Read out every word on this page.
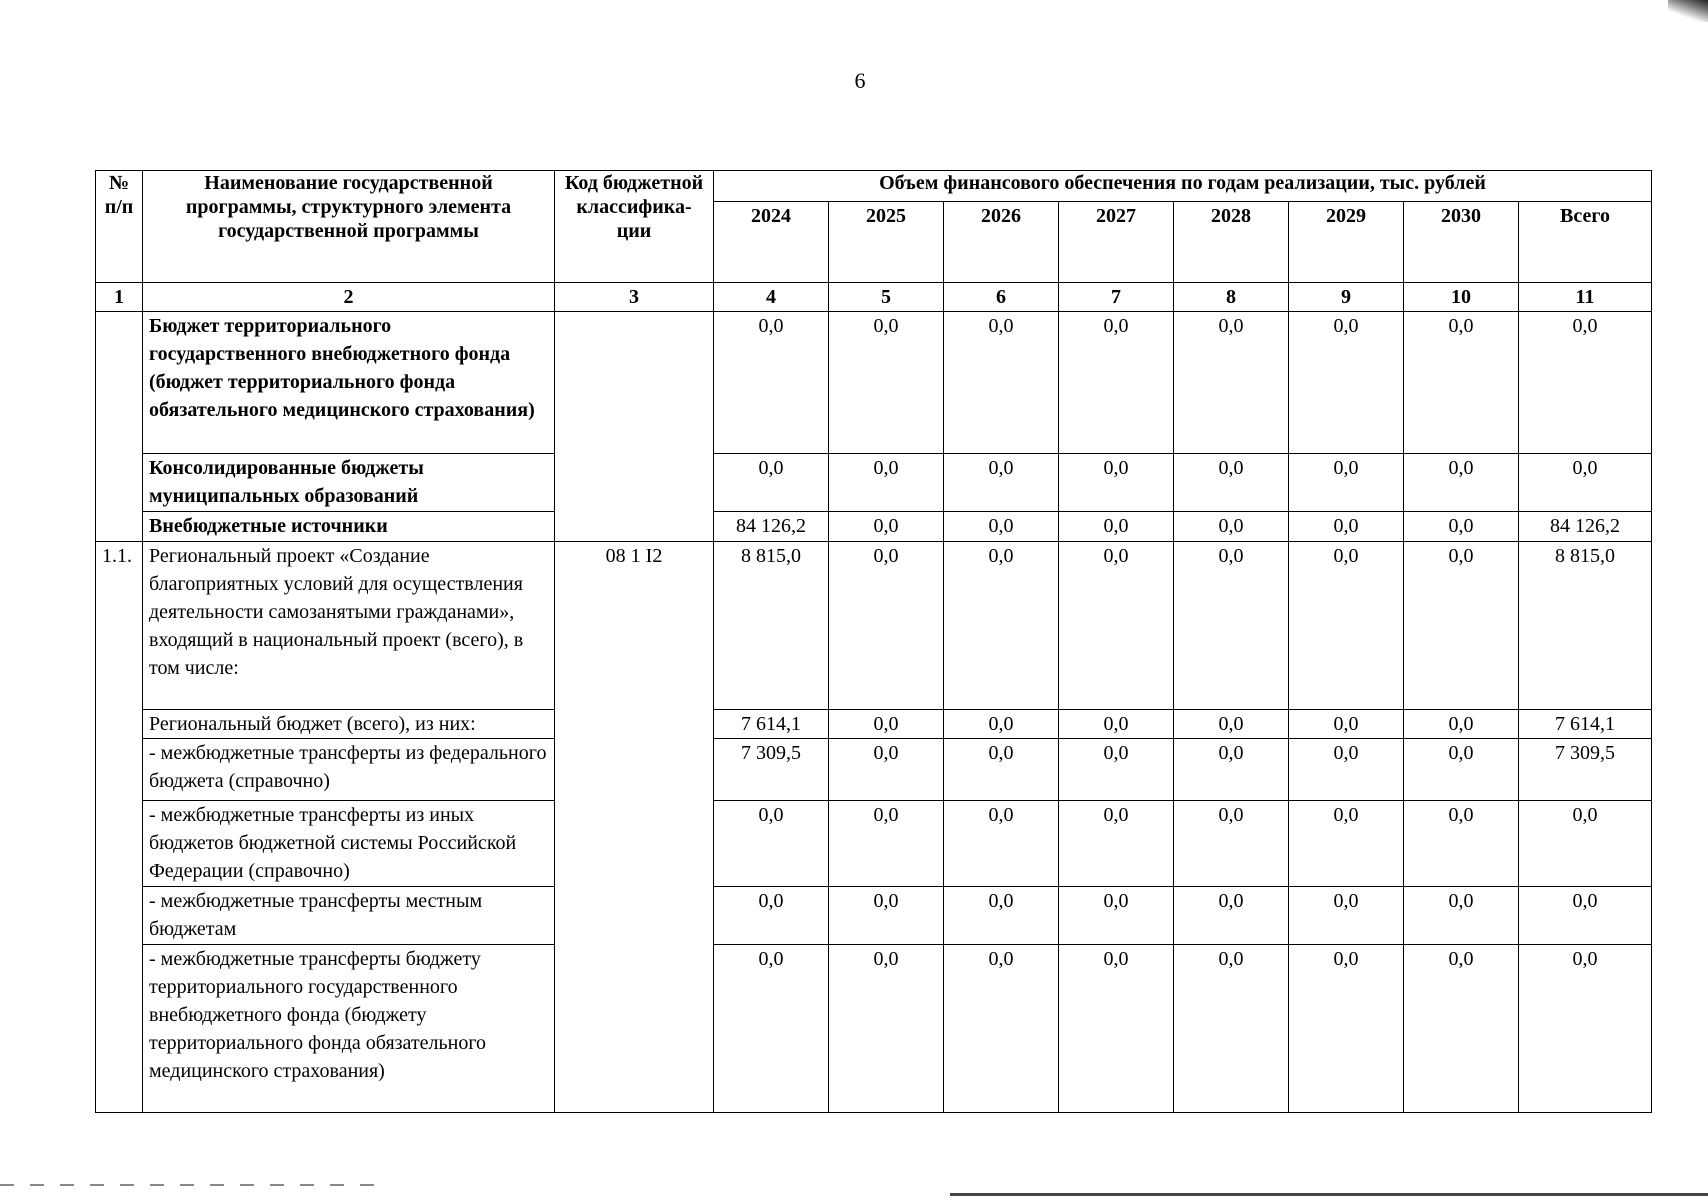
6
№ п/п	Наименование государственной программы, структурного элемента государственной программы	Код бюджетной классифика-ции	Объем финансового обеспечения по годам реализации, тыс. рублей							
			2024	2025	2026	2027	2028	2029	2030	Всего
1	2	3	4	5	6	7	8	9	10	11
	Бюджет территориального государственного внебюджетного фонда (бюджет территориального фонда обязательного медицинского страхования)		0,0	0,0	0,0	0,0	0,0	0,0	0,0	0,0
	Консолидированные бюджеты муниципальных образований		0,0	0,0	0,0	0,0	0,0	0,0	0,0	0,0
	Внебюджетные источники		84 126,2	0,0	0,0	0,0	0,0	0,0	0,0	84 126,2
1.1.	Региональный проект «Создание благоприятных условий для осуществления деятельности самозанятыми гражданами», входящий в национальный проект (всего), в том числе:	08 1 I2	8 815,0	0,0	0,0	0,0	0,0	0,0	0,0	8 815,0
	Региональный бюджет (всего), из них:		7 614,1	0,0	0,0	0,0	0,0	0,0	0,0	7 614,1
	- межбюджетные трансферты из федерального бюджета (справочно)		7 309,5	0,0	0,0	0,0	0,0	0,0	0,0	7 309,5
	- межбюджетные трансферты из иных бюджетов бюджетной системы Российской Федерации (справочно)		0,0	0,0	0,0	0,0	0,0	0,0	0,0	0,0
	- межбюджетные трансферты местным бюджетам		0,0	0,0	0,0	0,0	0,0	0,0	0,0	0,0
	- межбюджетные трансферты бюджету территориального государственного внебюджетного фонда (бюджету территориального фонда обязательного медицинского страхования)		0,0	0,0	0,0	0,0	0,0	0,0	0,0	0,0
